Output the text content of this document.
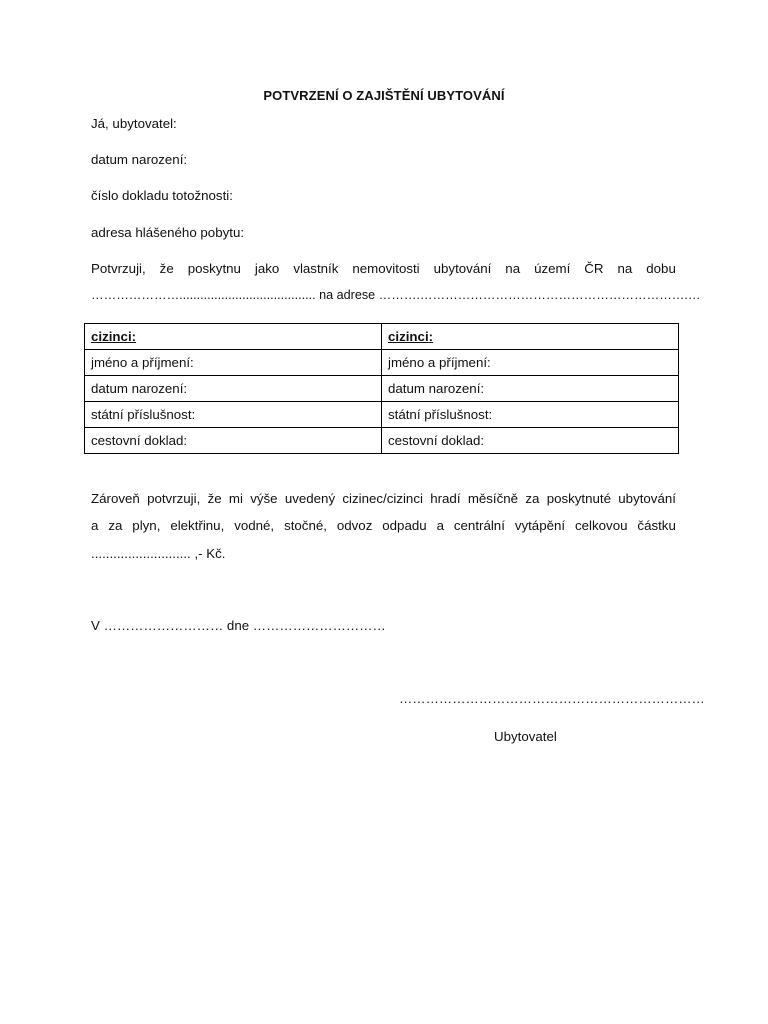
POTVRZENÍ O ZAJIŠTĚNÍ UBYTOVÁNÍ
Já, ubytovatel:
datum narození:
číslo dokladu totožnosti:
adresa hlášeného pobytu:
Potvrzuji, že poskytnu jako vlastník nemovitosti ubytování na území ČR na dobu
…………………....................................... na adrese ……….……………………………………………………….…
cizinci:	cizinci:
jméno a příjmení:	jméno a příjmení:
datum narození:	datum narození:
státní příslušnost:	státní příslušnost:
cestovní doklad:	cestovní doklad:
Zároveň potvrzuji, že mi výše uvedený cizinec/cizinci hradí měsíčně za poskytnuté ubytování
a za plyn, elektřinu, vodné, stočné, odvoz odpadu a centrální vytápění celkovou částku
........................... ,- Kč.
V ……………………… dne …………………………
……………………………………………………………
Ubytovatel
